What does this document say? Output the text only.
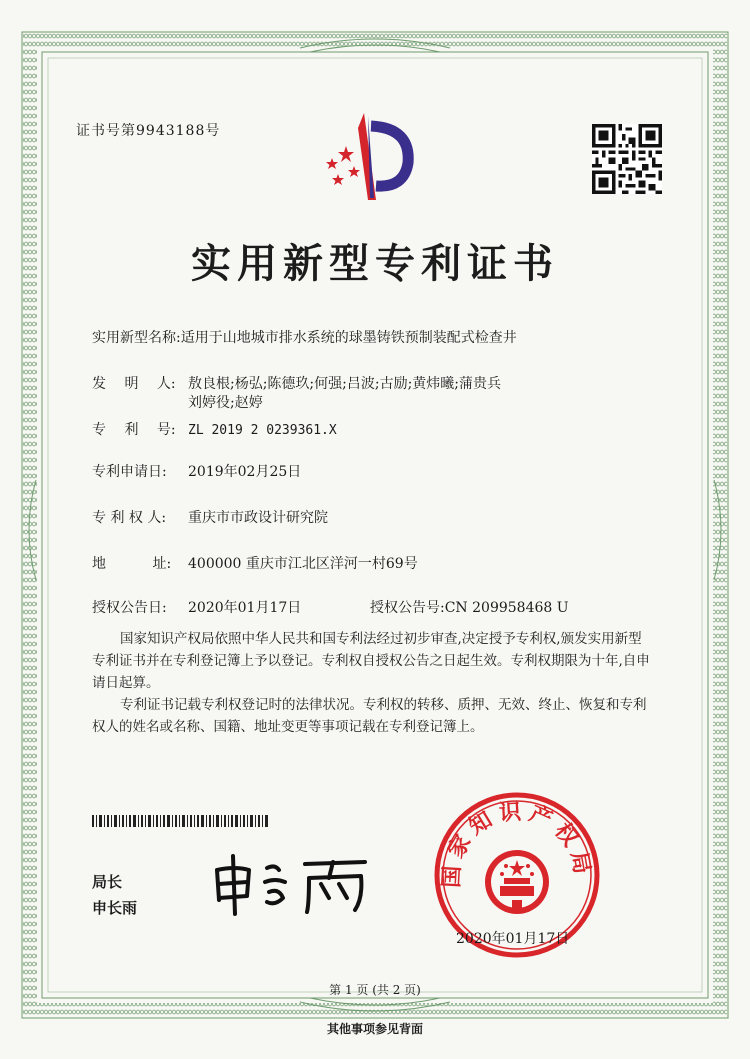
证书号第9943188号
实用新型专利证书
实用新型名称:适用于山地城市排水系统的球墨铸铁预制装配式检查井
发　 明　 人: 敖良根;杨弘;陈德玖;何强;吕波;古励;黄炜曦;蒲贵兵
刘婷役;赵婷
专　 利　 号: ZL 2019 2 0239361.X
专利申请日: 2019年02月25日
专 利 权 人: 重庆市市政设计研究院
地　　　 址: 400000 重庆市江北区洋河一村69号
授权公告日: 2020年01月17日	授权公告号:CN 209958468 U

国家知识产权局依照中华人民共和国专利法经过初步审查,决定授予专利权,颁发实用新型专利证书并在专利登记簿上予以登记。专利权自授权公告之日起生效。专利权期限为十年,自申请日起算。

专利证书记载专利权登记时的法律状况。专利权的转移、质押、无效、终止、恢复和专利权人的姓名或名称、国籍、地址变更等事项记载在专利登记簿上。

局长
申长雨
国家知识产权局
2020年01月17日
第 1 页 (共 2 页)
其他事项参见背面
